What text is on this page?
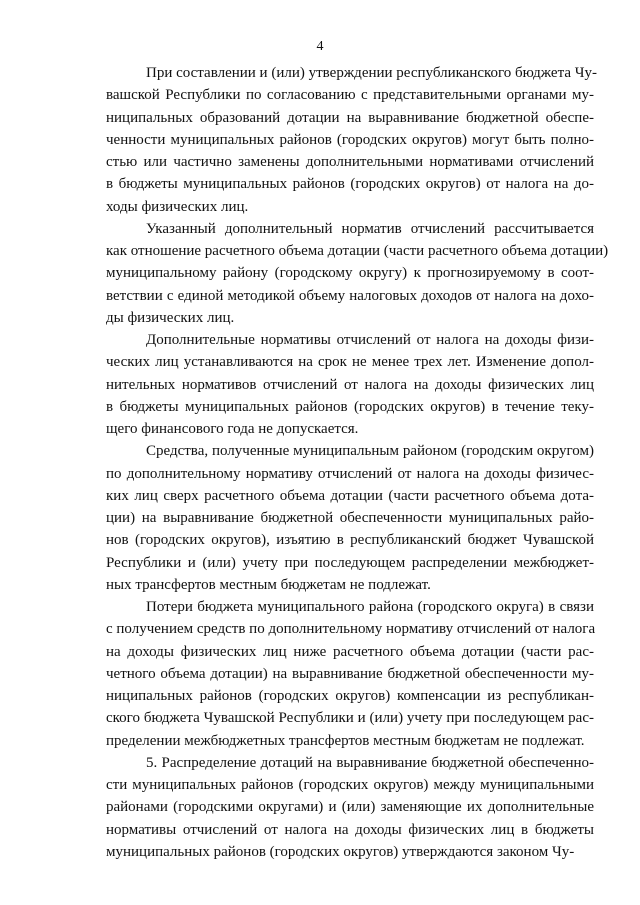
4

При составлении и (или) утверждении республиканского бюджета Чу-
вашской Республики по согласованию с представительными органами му-
ниципальных образований дотации на выравнивание бюджетной обеспе-
ченности муниципальных районов (городских округов) могут быть полно-
стью или частично заменены дополнительными нормативами отчислений
в бюджеты муниципальных районов (городских округов) от налога на до-
ходы физических лиц.

Указанный дополнительный норматив отчислений рассчитывается
как отношение расчетного объема дотации (части расчетного объема дотации)
муниципальному району (городскому округу) к прогнозируемому в соот-
ветствии с единой методикой объему налоговых доходов от налога на дохо-
ды физических лиц.

Дополнительные нормативы отчислений от налога на доходы физи-
ческих лиц устанавливаются на срок не менее трех лет. Изменение допол-
нительных нормативов отчислений от налога на доходы физических лиц
в бюджеты муниципальных районов (городских округов) в течение теку-
щего финансового года не допускается.

Средства, полученные муниципальным районом (городским округом)
по дополнительному нормативу отчислений от налога на доходы физичес-
ких лиц сверх расчетного объема дотации (части расчетного объема дота-
ции) на выравнивание бюджетной обеспеченности муниципальных райо-
нов (городских округов), изъятию в республиканский бюджет Чувашской
Республики и (или) учету при последующем распределении межбюджет-
ных трансфертов местным бюджетам не подлежат.

Потери бюджета муниципального района (городского округа) в связи
с получением средств по дополнительному нормативу отчислений от налога
на доходы физических лиц ниже расчетного объема дотации (части рас-
четного объема дотации) на выравнивание бюджетной обеспеченности му-
ниципальных районов (городских округов) компенсации из республикан-
ского бюджета Чувашской Республики и (или) учету при последующем рас-
пределении межбюджетных трансфертов местным бюджетам не подлежат.

5. Распределение дотаций на выравнивание бюджетной обеспеченно-
сти муниципальных районов (городских округов) между муниципальными
районами (городскими округами) и (или) заменяющие их дополнительные
нормативы отчислений от налога на доходы физических лиц в бюджеты
муниципальных районов (городских округов) утверждаются законом Чу-
